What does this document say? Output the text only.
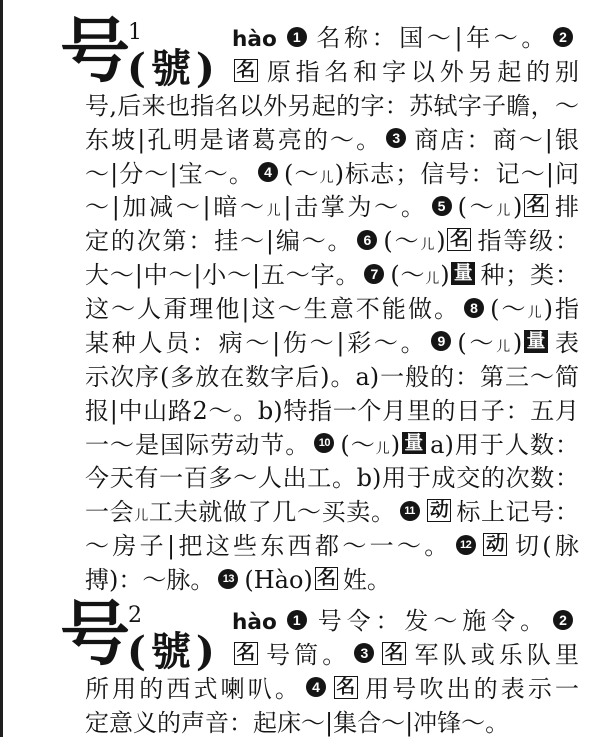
号
1
(號)
hào 1 名称：国～|年～。 2
名 原指名和字以外另起的别
号,后来也指名以外另起的字：苏轼字子瞻，～
东坡|孔明是诸葛亮的～。 3 商店：商～|银
～|分～|宝～。 4 (～儿)标志；信号：记～|问
～|加减～|暗～儿|击掌为～。 5 (～儿) 名 排
定的次第：挂～|编～。 6 (～儿) 名 指等级：
大～|中～|小～|五～字。 7 (～儿) 量 种；类：
这～人甭理他|这～生意不能做。 8 (～儿)指
某种人员：病～|伤～|彩～。 9 (～儿) 量 表
示次序(多放在数字后)。a)一般的：第三～简
报|中山路2～。b)特指一个月里的日子：五月
一～是国际劳动节。 10 (～儿) 量 a)用于人数：
今天有一百多～人出工。b)用于成交的次数：
一会儿工夫就做了几～买卖。 11 动 标上记号：
～房子|把这些东西都～一～。 12 动 切(脉
搏)：～脉。 13 (Hào) 名 姓。
号
2
(號)
hào 1 号令：发～施令。 2
名 号筒。 3 名 军队或乐队里
所用的西式喇叭。 4 名 用号吹出的表示一
定意义的声音：起床～|集合～|冲锋～。
